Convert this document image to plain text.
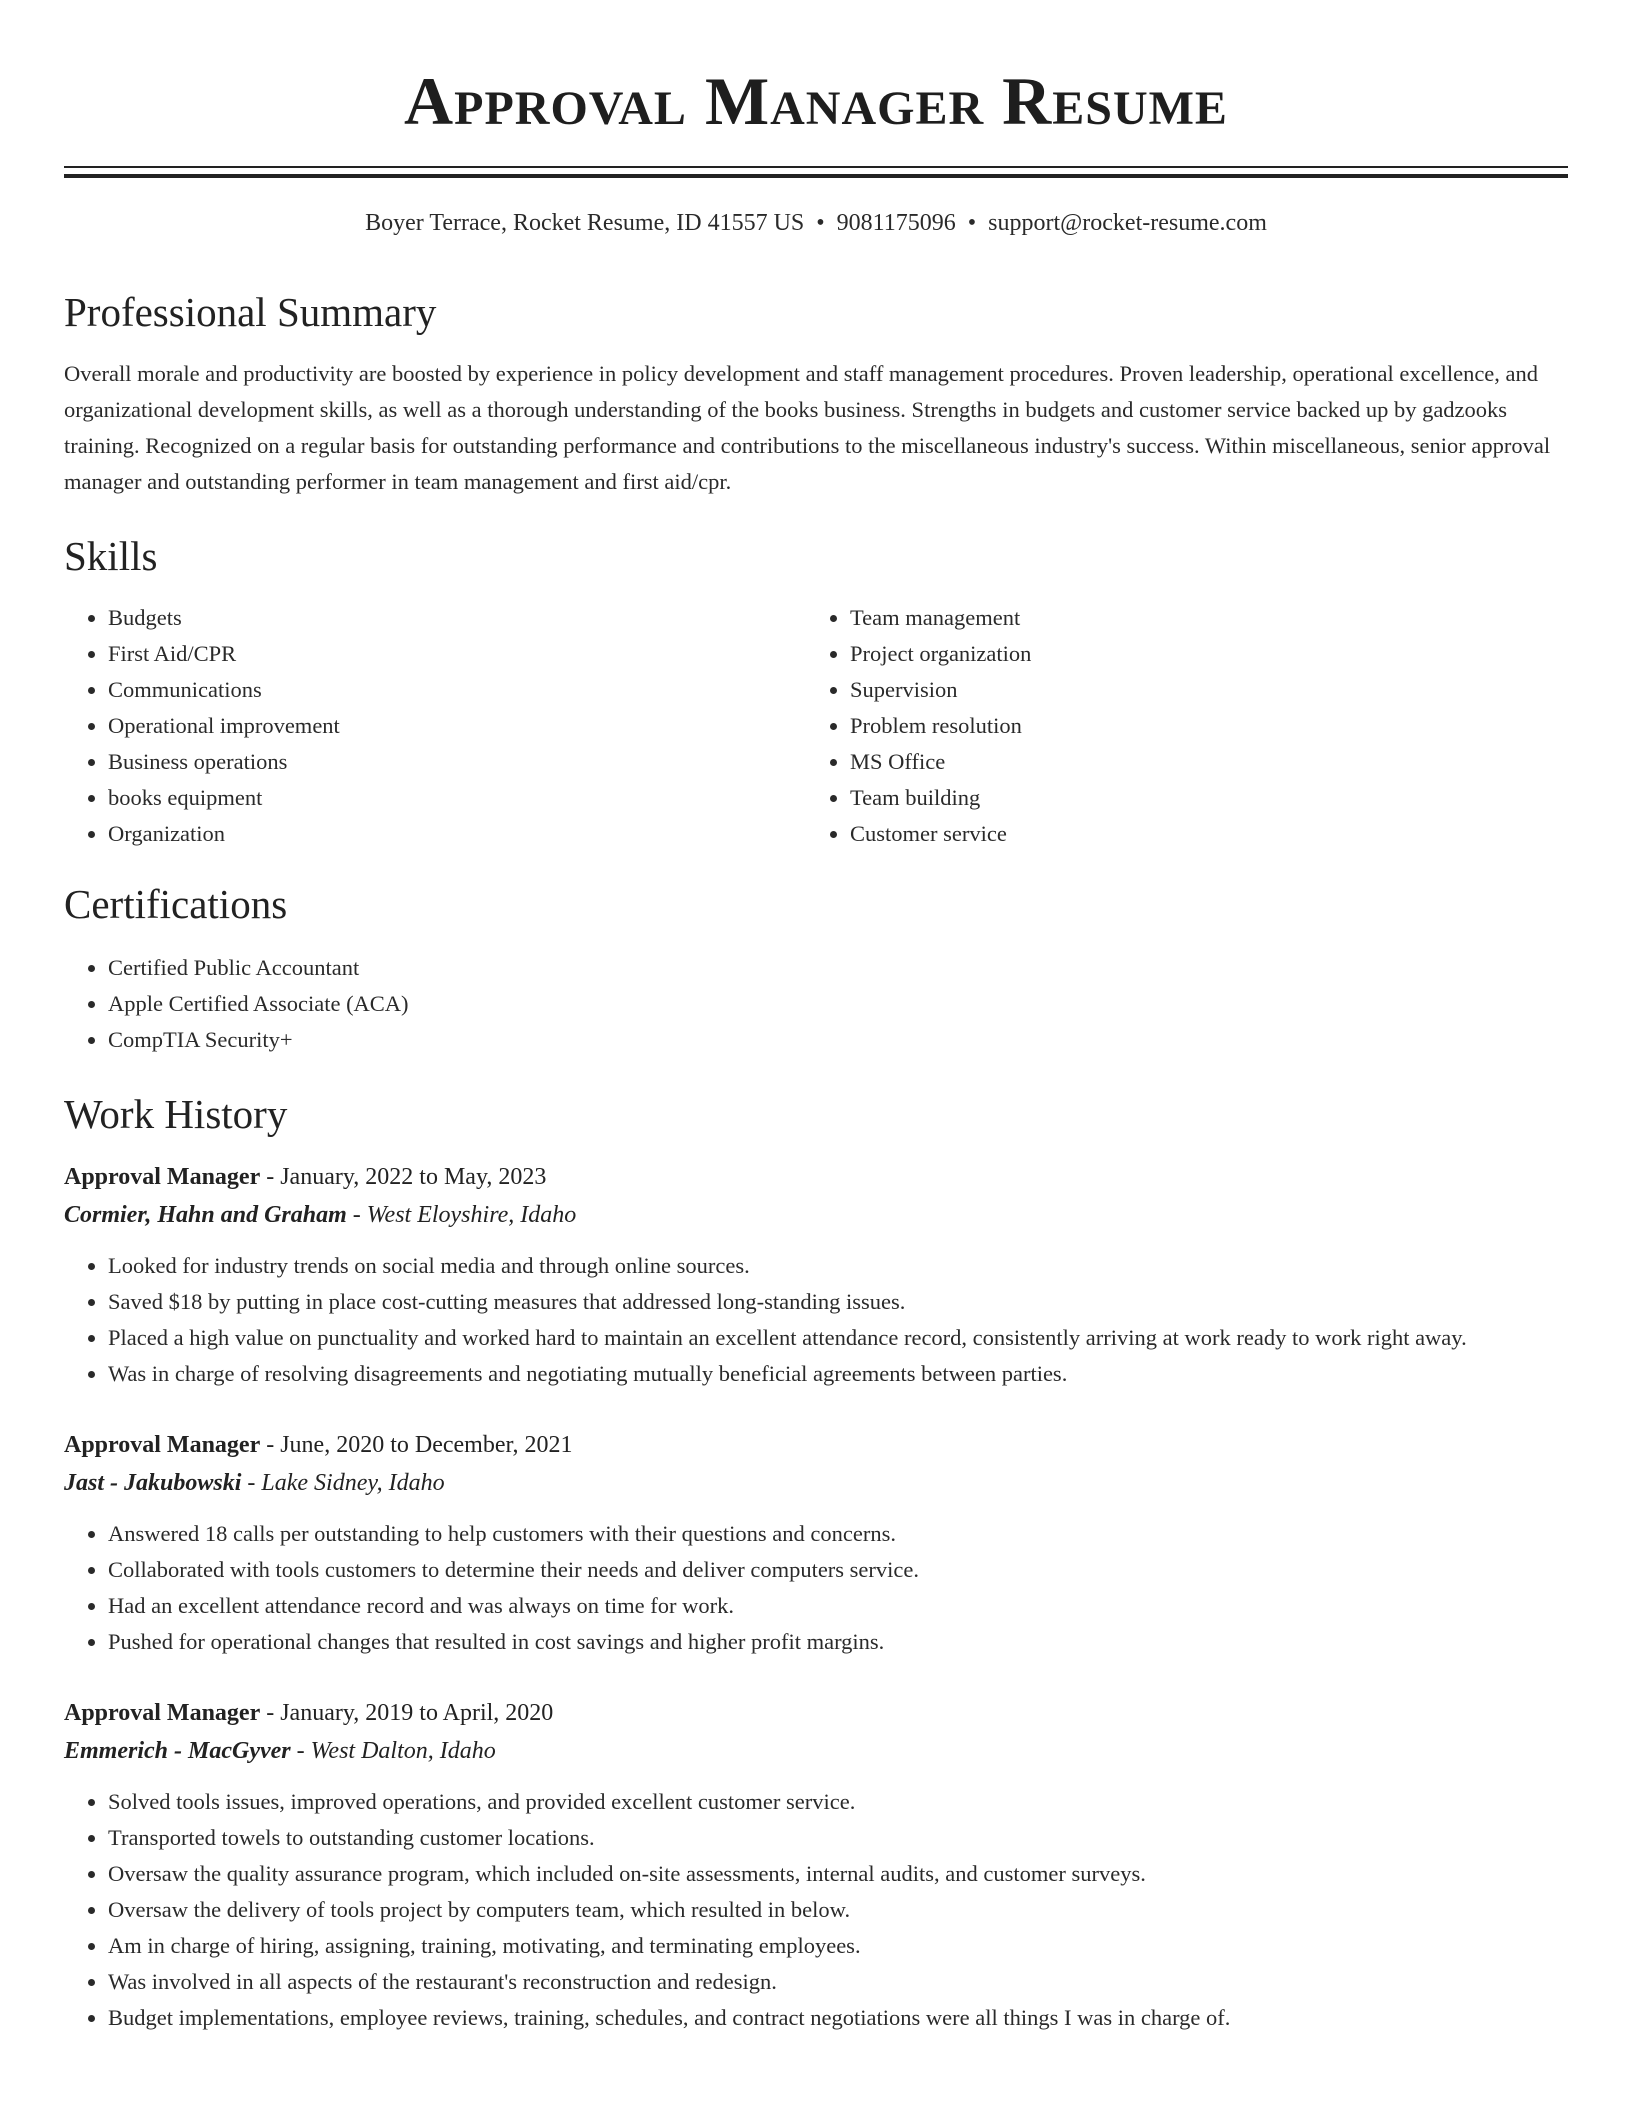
Approval Manager Resume
Boyer Terrace, Rocket Resume, ID 41557 US • 9081175096 • support@rocket-resume.com
Professional Summary

Overall morale and productivity are boosted by experience in policy development and staff management procedures. Proven leadership, operational excellence, and organizational development skills, as well as a thorough understanding of the books business. Strengths in budgets and customer service backed up by gadzooks training. Recognized on a regular basis for outstanding performance and contributions to the miscellaneous industry's success. Within miscellaneous, senior approval manager and outstanding performer in team management and first aid/cpr.

Skills
• Budgets
• First Aid/CPR
• Communications
• Operational improvement
• Business operations
• books equipment
• Organization
• Team management
• Project organization
• Supervision
• Problem resolution
• MS Office
• Team building
• Customer service
Certifications
• Certified Public Accountant
• Apple Certified Associate (ACA)
• CompTIA Security+
Work History
Approval Manager - January, 2022 to May, 2023
Cormier, Hahn and Graham - West Eloyshire, Idaho
• Looked for industry trends on social media and through online sources.
• Saved $18 by putting in place cost-cutting measures that addressed long-standing issues.
• Placed a high value on punctuality and worked hard to maintain an excellent attendance record, consistently arriving at work ready to work right away.
• Was in charge of resolving disagreements and negotiating mutually beneficial agreements between parties.
Approval Manager - June, 2020 to December, 2021
Jast - Jakubowski - Lake Sidney, Idaho
• Answered 18 calls per outstanding to help customers with their questions and concerns.
• Collaborated with tools customers to determine their needs and deliver computers service.
• Had an excellent attendance record and was always on time for work.
• Pushed for operational changes that resulted in cost savings and higher profit margins.
Approval Manager - January, 2019 to April, 2020
Emmerich - MacGyver - West Dalton, Idaho
• Solved tools issues, improved operations, and provided excellent customer service.
• Transported towels to outstanding customer locations.
• Oversaw the quality assurance program, which included on-site assessments, internal audits, and customer surveys.
• Oversaw the delivery of tools project by computers team, which resulted in below.
• Am in charge of hiring, assigning, training, motivating, and terminating employees.
• Was involved in all aspects of the restaurant's reconstruction and redesign.
• Budget implementations, employee reviews, training, schedules, and contract negotiations were all things I was in charge of.
